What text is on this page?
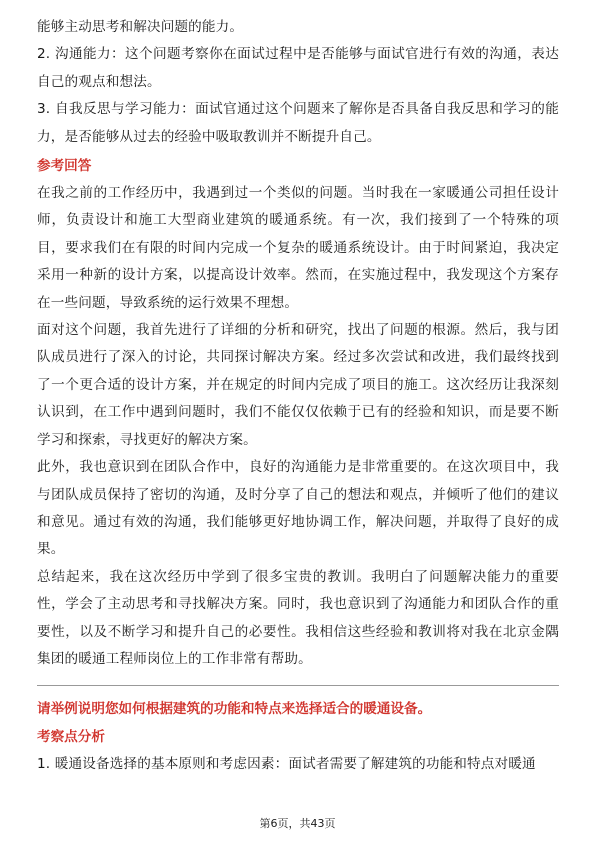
能够主动思考和解决问题的能力。

2. 沟通能力：这个问题考察你在面试过程中是否能够与面试官进行有效的沟通，表达自己的观点和想法。

3. 自我反思与学习能力：面试官通过这个问题来了解你是否具备自我反思和学习的能力，是否能够从过去的经验中吸取教训并不断提升自己。

参考回答

在我之前的工作经历中，我遇到过一个类似的问题。当时我在一家暖通公司担任设计师，负责设计和施工大型商业建筑的暖通系统。有一次，我们接到了一个特殊的项目，要求我们在有限的时间内完成一个复杂的暖通系统设计。由于时间紧迫，我决定采用一种新的设计方案，以提高设计效率。然而，在实施过程中，我发现这个方案存在一些问题，导致系统的运行效果不理想。

面对这个问题，我首先进行了详细的分析和研究，找出了问题的根源。然后，我与团队成员进行了深入的讨论，共同探讨解决方案。经过多次尝试和改进，我们最终找到了一个更合适的设计方案，并在规定的时间内完成了项目的施工。这次经历让我深刻认识到，在工作中遇到问题时，我们不能仅仅依赖于已有的经验和知识，而是要不断学习和探索，寻找更好的解决方案。

此外，我也意识到在团队合作中，良好的沟通能力是非常重要的。在这次项目中，我与团队成员保持了密切的沟通，及时分享了自己的想法和观点，并倾听了他们的建议和意见。通过有效的沟通，我们能够更好地协调工作，解决问题，并取得了良好的成果。

总结起来，我在这次经历中学到了很多宝贵的教训。我明白了问题解决能力的重要性，学会了主动思考和寻找解决方案。同时，我也意识到了沟通能力和团队合作的重要性，以及不断学习和提升自己的必要性。我相信这些经验和教训将对我在北京金隅集团的暖通工程师岗位上的工作非常有帮助。

请举例说明您如何根据建筑的功能和特点来选择适合的暖通设备。

考察点分析

1. 暖通设备选择的基本原则和考虑因素：面试者需要了解建筑的功能和特点对暖通

第6页，共43页
